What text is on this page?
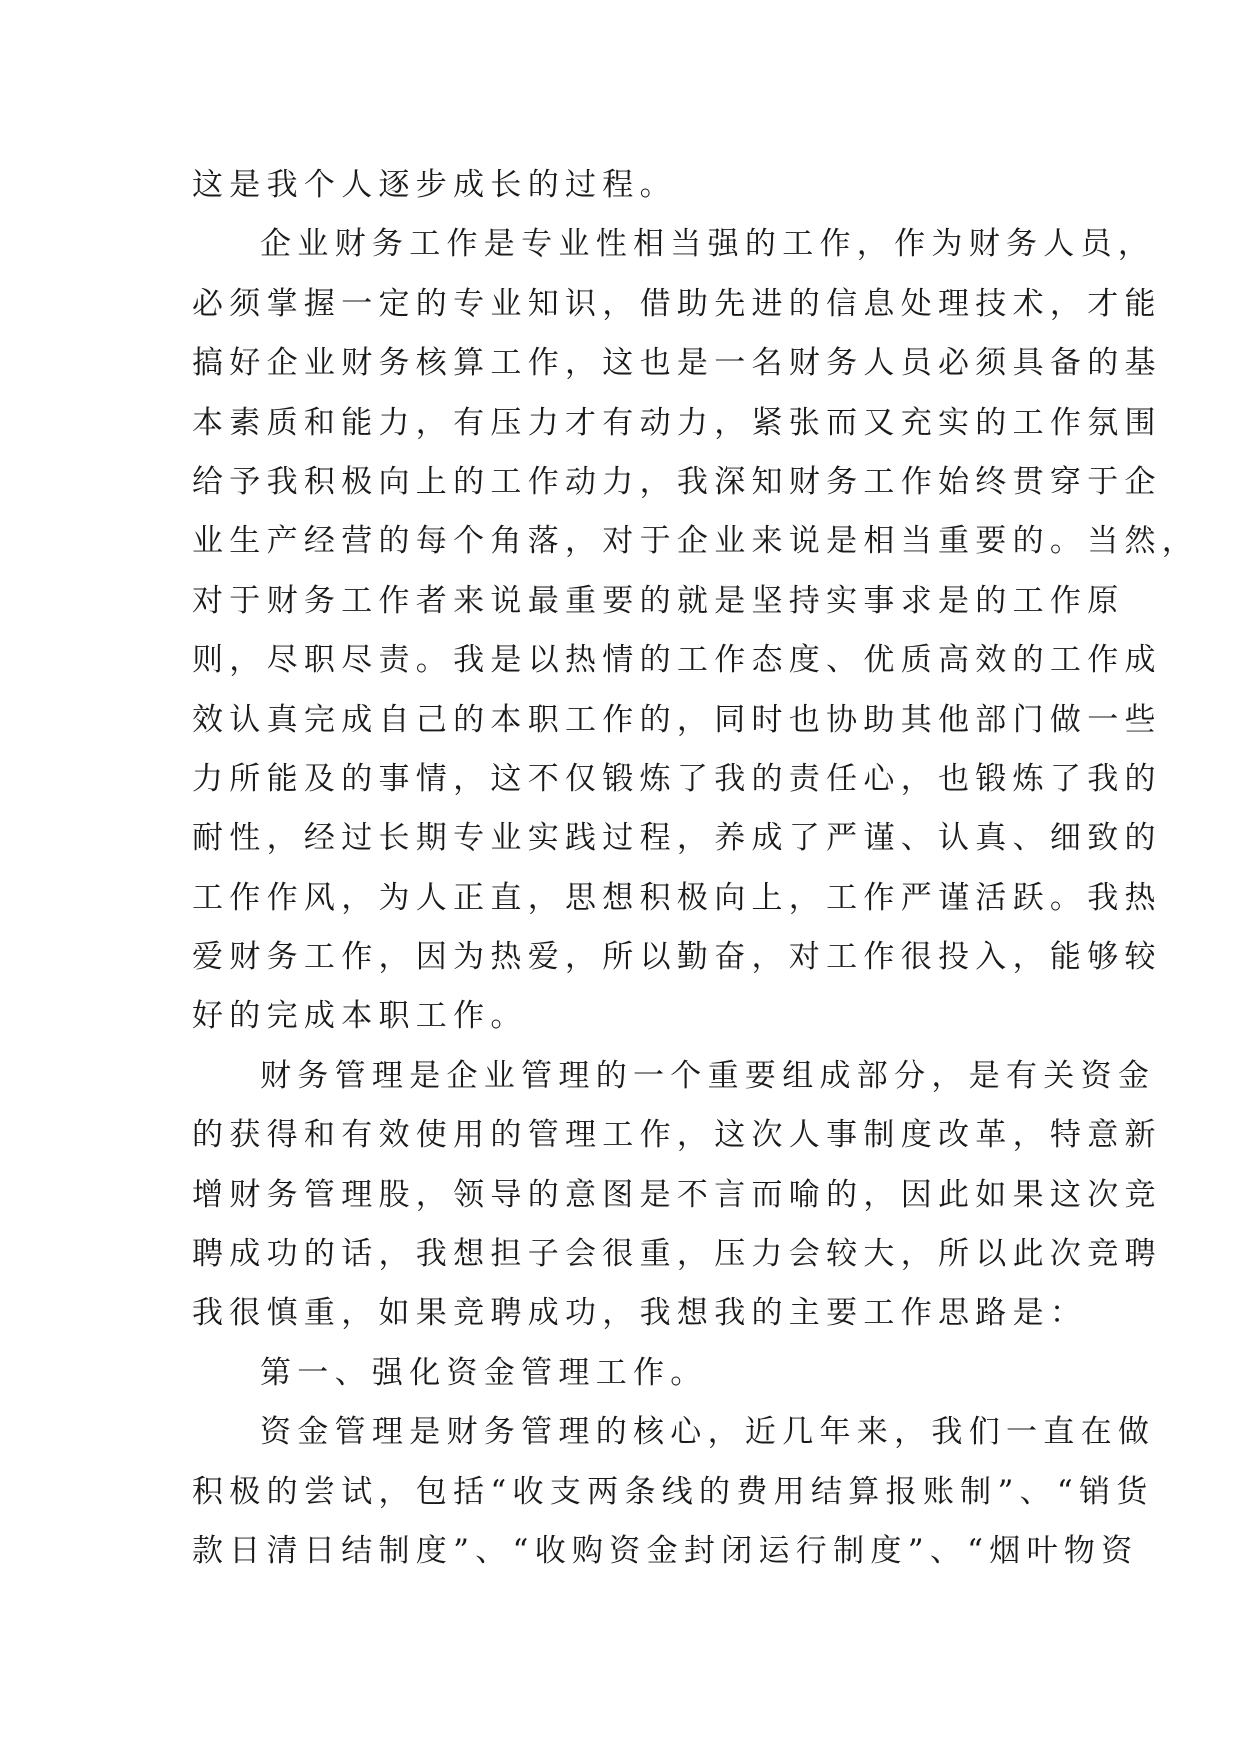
这是我个人逐步成长的过程。
企业财务工作是专业性相当强的工作，作为财务人员，
必须掌握一定的专业知识，借助先进的信息处理技术，才能
搞好企业财务核算工作，这也是一名财务人员必须具备的基
本素质和能力，有压力才有动力，紧张而又充实的工作氛围
给予我积极向上的工作动力，我深知财务工作始终贯穿于企
业生产经营的每个角落，对于企业来说是相当重要的。当然，
对于财务工作者来说最重要的就是坚持实事求是的工作原
则，尽职尽责。我是以热情的工作态度、优质高效的工作成
效认真完成自己的本职工作的，同时也协助其他部门做一些
力所能及的事情，这不仅锻炼了我的责任心，也锻炼了我的
耐性，经过长期专业实践过程，养成了严谨、认真、细致的
工作作风，为人正直，思想积极向上，工作严谨活跃。我热
爱财务工作，因为热爱，所以勤奋，对工作很投入，能够较
好的完成本职工作。
财务管理是企业管理的一个重要组成部分，是有关资金
的获得和有效使用的管理工作，这次人事制度改革，特意新
增财务管理股，领导的意图是不言而喻的，因此如果这次竞
聘成功的话，我想担子会很重，压力会较大，所以此次竞聘
我很慎重，如果竞聘成功，我想我的主要工作思路是：
第一、强化资金管理工作。
资金管理是财务管理的核心，近几年来，我们一直在做
积极的尝试，包括“收支两条线的费用结算报账制”、“销货
款日清日结制度”、“收购资金封闭运行制度”、“烟叶物资
